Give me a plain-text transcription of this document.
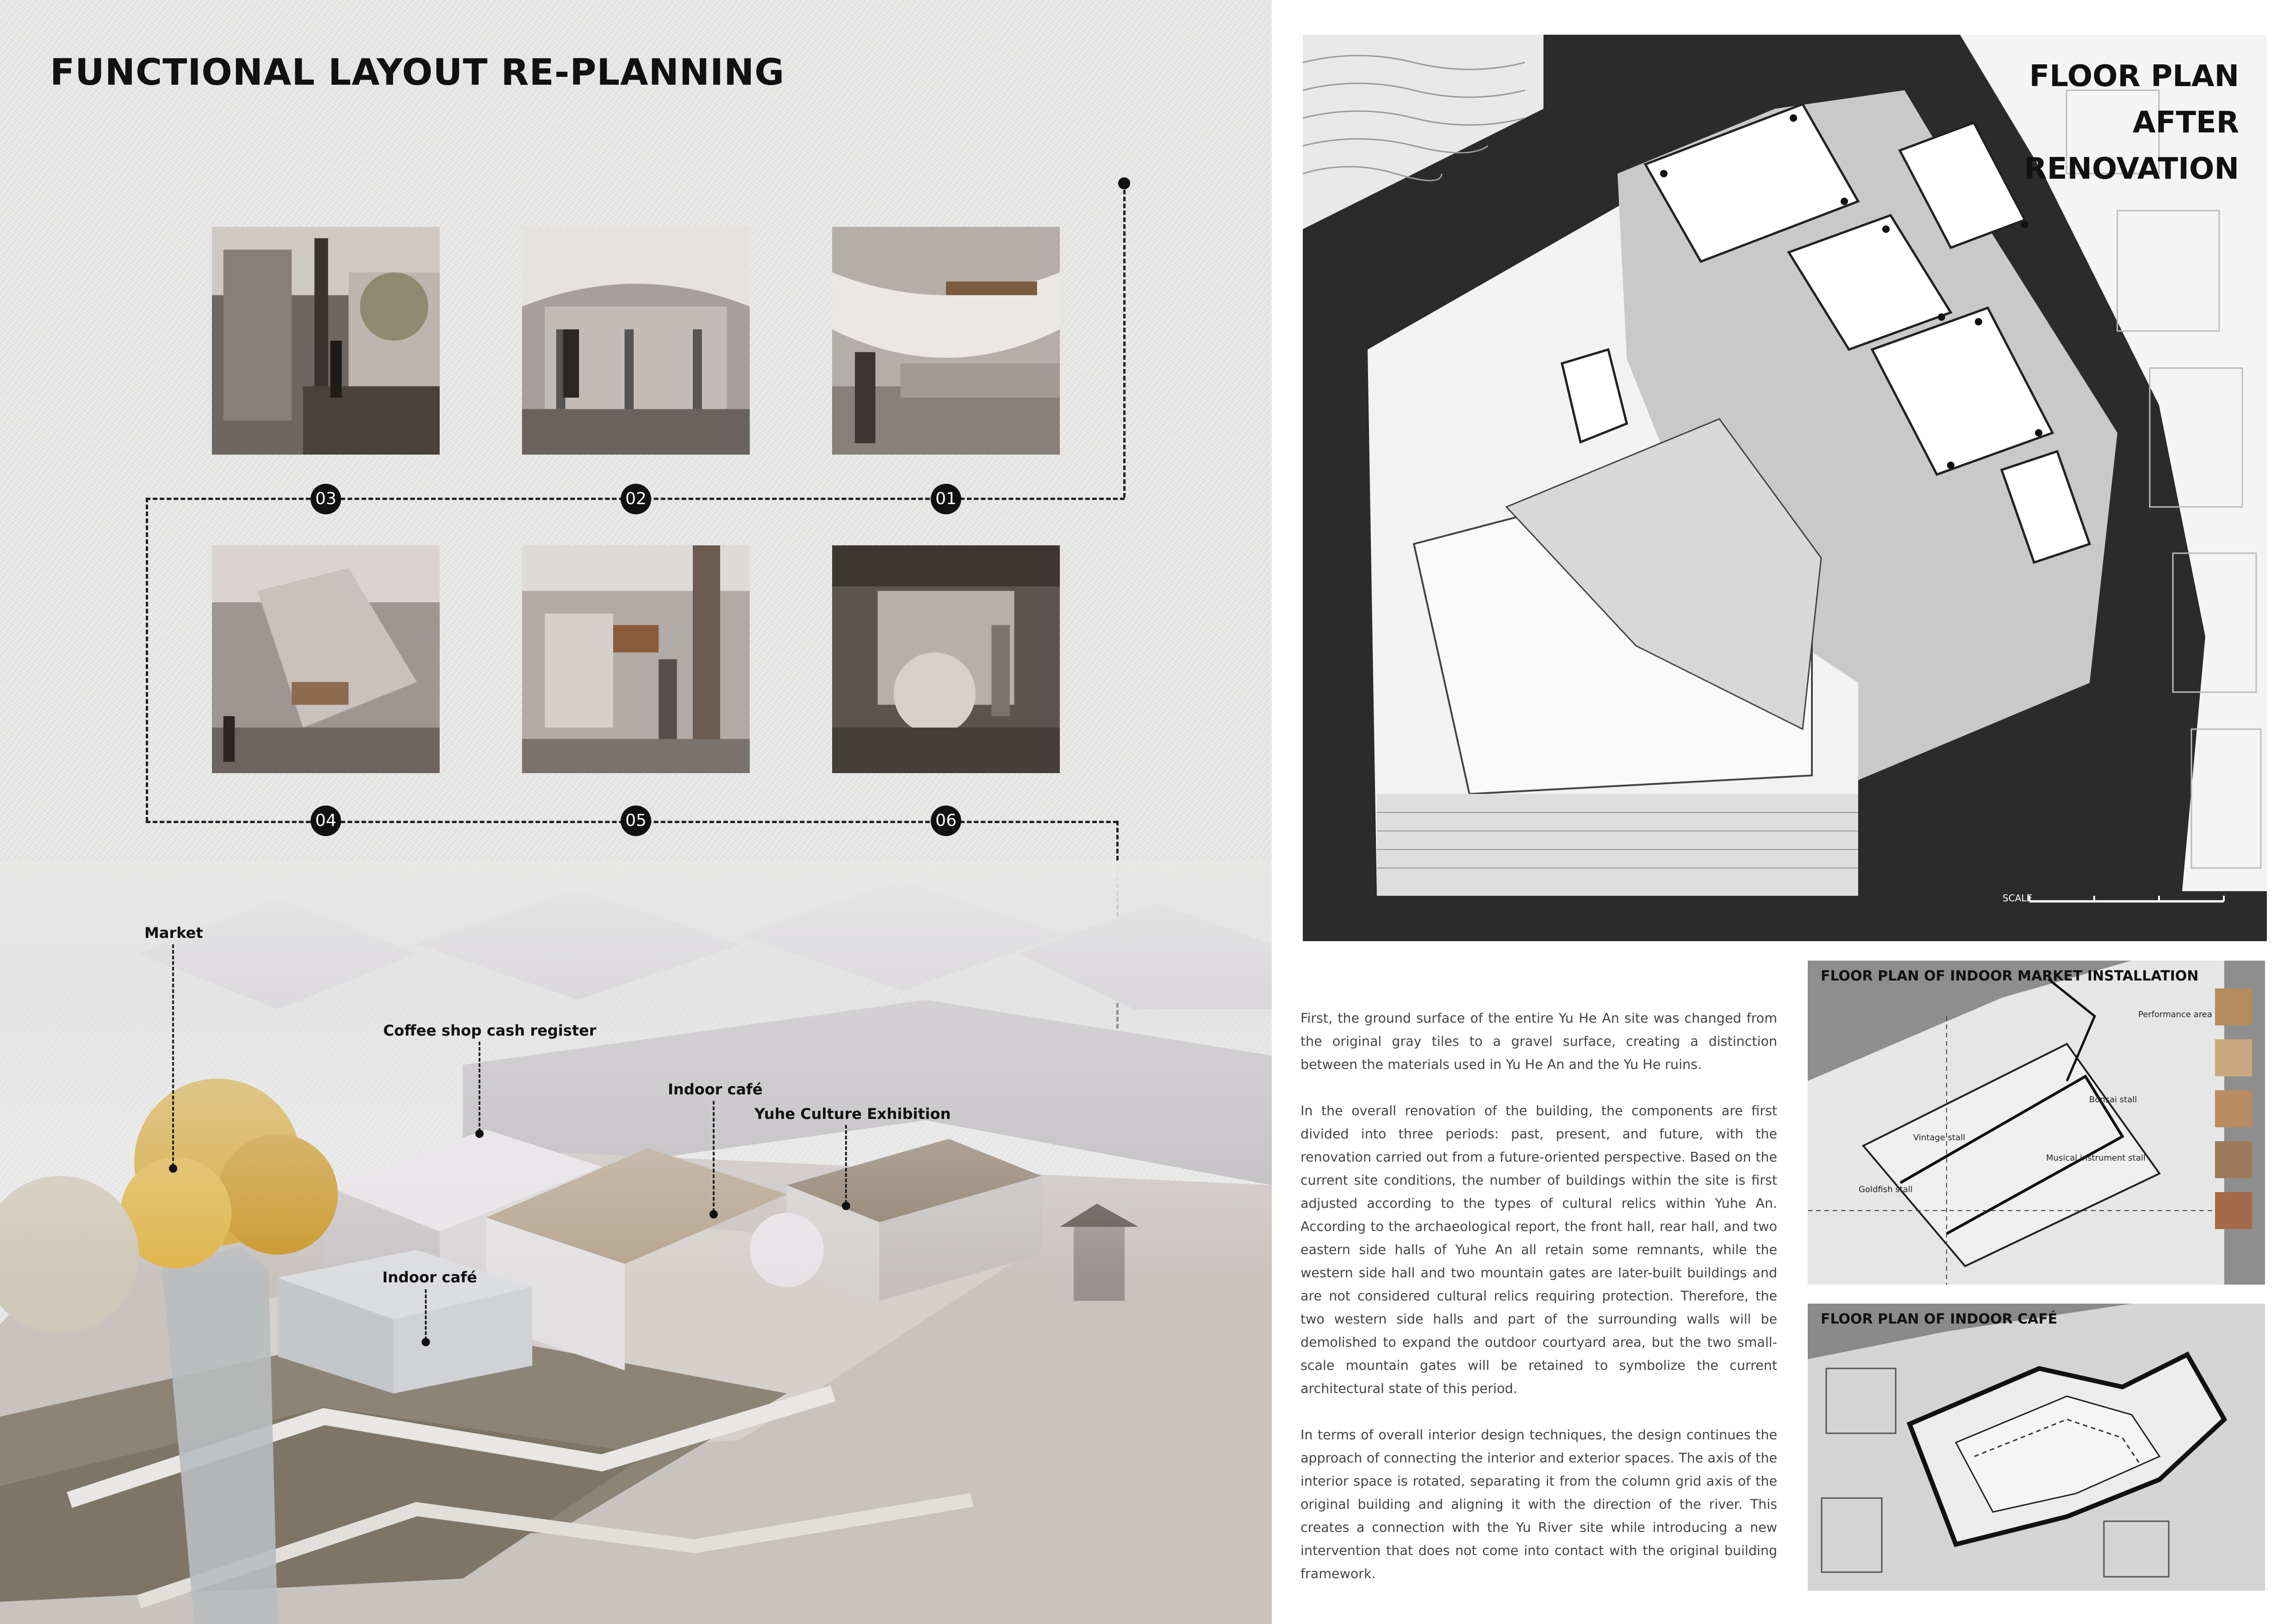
FUNCTIONAL LAYOUT RE-PLANNING
03	02	01
04	05	06
Market
Coffee shop cash register
Indoor café
Yuhe Culture Exhibition
Indoor café
FLOOR PLAN
AFTER
RENOVATION
SCALE

First, the ground surface of the entire Yu He An site was changed from the original gray tiles to a gravel surface, creating a distinction between the materials used in Yu He An and the Yu He ruins.

In the overall renovation of the building, the components are first divided into three periods: past, present, and future, with the renovation carried out from a future-oriented perspective. Based on the current site conditions, the number of buildings within the site is first adjusted according to the types of cultural relics within Yuhe An. According to the archaeological report, the front hall, rear hall, and two eastern side halls of Yuhe An all retain some remnants, while the western side hall and two mountain gates are later-built buildings and are not considered cultural relics requiring protection. Therefore, the two western side halls and part of the surrounding walls will be demolished to expand the outdoor courtyard area, but the two small-scale mountain gates will be retained to symbolize the current architectural state of this period.

In terms of overall interior design techniques, the design continues the approach of connecting the interior and exterior spaces. The axis of the interior space is rotated, separating it from the column grid axis of the original building and aligning it with the direction of the river. This creates a connection with the Yu River site while introducing a new intervention that does not come into contact with the original building framework.

FLOOR PLAN OF INDOOR MARKET INSTALLATION
Performance area
Bonsai stall
Vintage stall
Musical instrument stall
Goldfish stall
FLOOR PLAN OF INDOOR CAFÉ
